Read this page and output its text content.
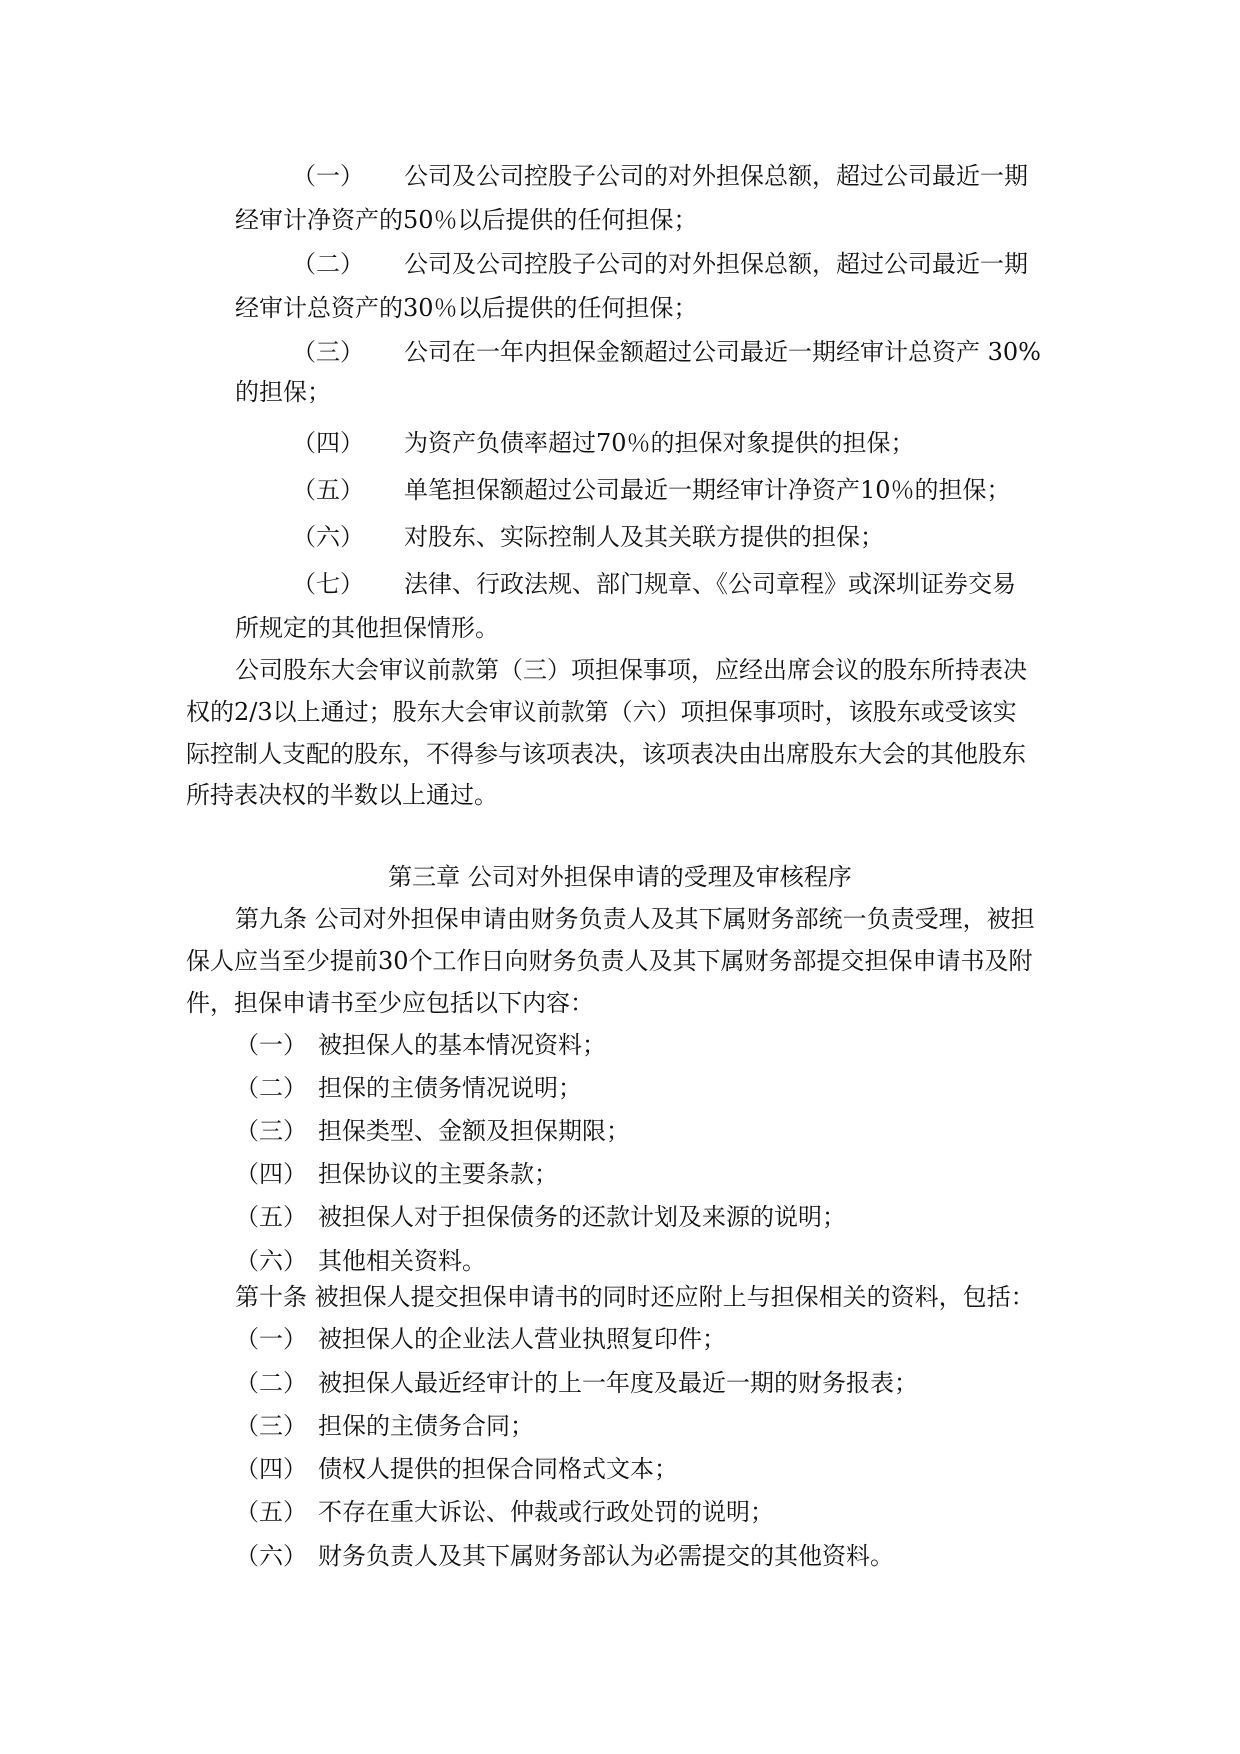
（一） 公司及公司控股子公司的对外担保总额，超过公司最近一期
经审计净资产的50％以后提供的任何担保；
（二） 公司及公司控股子公司的对外担保总额，超过公司最近一期
经审计总资产的30％以后提供的任何担保；
（三） 公司在一年内担保金额超过公司最近一期经审计总资产 30%
的担保；
（四） 为资产负债率超过70％的担保对象提供的担保；
（五） 单笔担保额超过公司最近一期经审计净资产10％的担保；
（六） 对股东、实际控制人及其关联方提供的担保；
（七） 法律、行政法规、部门规章、《公司章程》或深圳证券交易
所规定的其他担保情形。
公司股东大会审议前款第（三）项担保事项，应经出席会议的股东所持表决
权的2/3以上通过；股东大会审议前款第（六）项担保事项时，该股东或受该实
际控制人支配的股东，不得参与该项表决，该项表决由出席股东大会的其他股东
所持表决权的半数以上通过。
第三章 公司对外担保申请的受理及审核程序
第九条 公司对外担保申请由财务负责人及其下属财务部统一负责受理，被担
保人应当至少提前30个工作日向财务负责人及其下属财务部提交担保申请书及附
件，担保申请书至少应包括以下内容：
（一） 被担保人的基本情况资料；
（二） 担保的主债务情况说明；
（三） 担保类型、金额及担保期限；
（四） 担保协议的主要条款；
（五） 被担保人对于担保债务的还款计划及来源的说明；
（六） 其他相关资料。
第十条 被担保人提交担保申请书的同时还应附上与担保相关的资料，包括：
（一） 被担保人的企业法人营业执照复印件；
（二） 被担保人最近经审计的上一年度及最近一期的财务报表；
（三） 担保的主债务合同；
（四） 债权人提供的担保合同格式文本；
（五） 不存在重大诉讼、仲裁或行政处罚的说明；
（六） 财务负责人及其下属财务部认为必需提交的其他资料。
